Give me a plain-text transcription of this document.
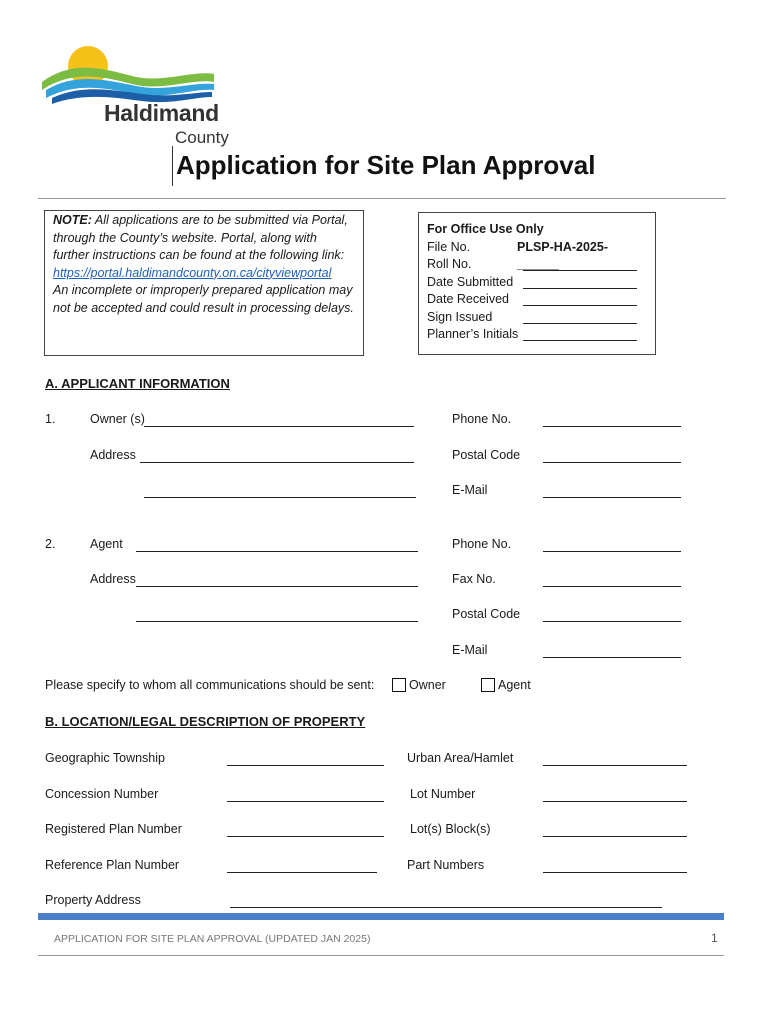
Haldimand
County
Application for Site Plan Approval
NOTE: All applications are to be submitted via Portal, through the County’s website. Portal, along with further instructions can be found at the following link:
https://portal.haldimandcounty.on.ca/cityviewportal
An incomplete or improperly prepared application may not be accepted and could result in processing delays.
For Office Use Only
File No.	PLSP-HA-2025-______
Roll No.
Date Submitted
Date Received
Sign Issued
Planner’s Initials
A. APPLICANT INFORMATION
1.	Owner (s)	Phone No.
Address	Postal Code
E-Mail
2.	Agent	Phone No.
Address	Fax No.
Postal Code
E-Mail
Please specify to whom all communications should be sent:	Owner	Agent
B. LOCATION/LEGAL DESCRIPTION OF PROPERTY
Geographic Township	Urban Area/Hamlet
Concession Number	Lot Number
Registered Plan Number	Lot(s) Block(s)
Reference Plan Number	Part Numbers
Property Address
APPLICATION FOR SITE PLAN APPROVAL (UPDATED JAN 2025)	1
